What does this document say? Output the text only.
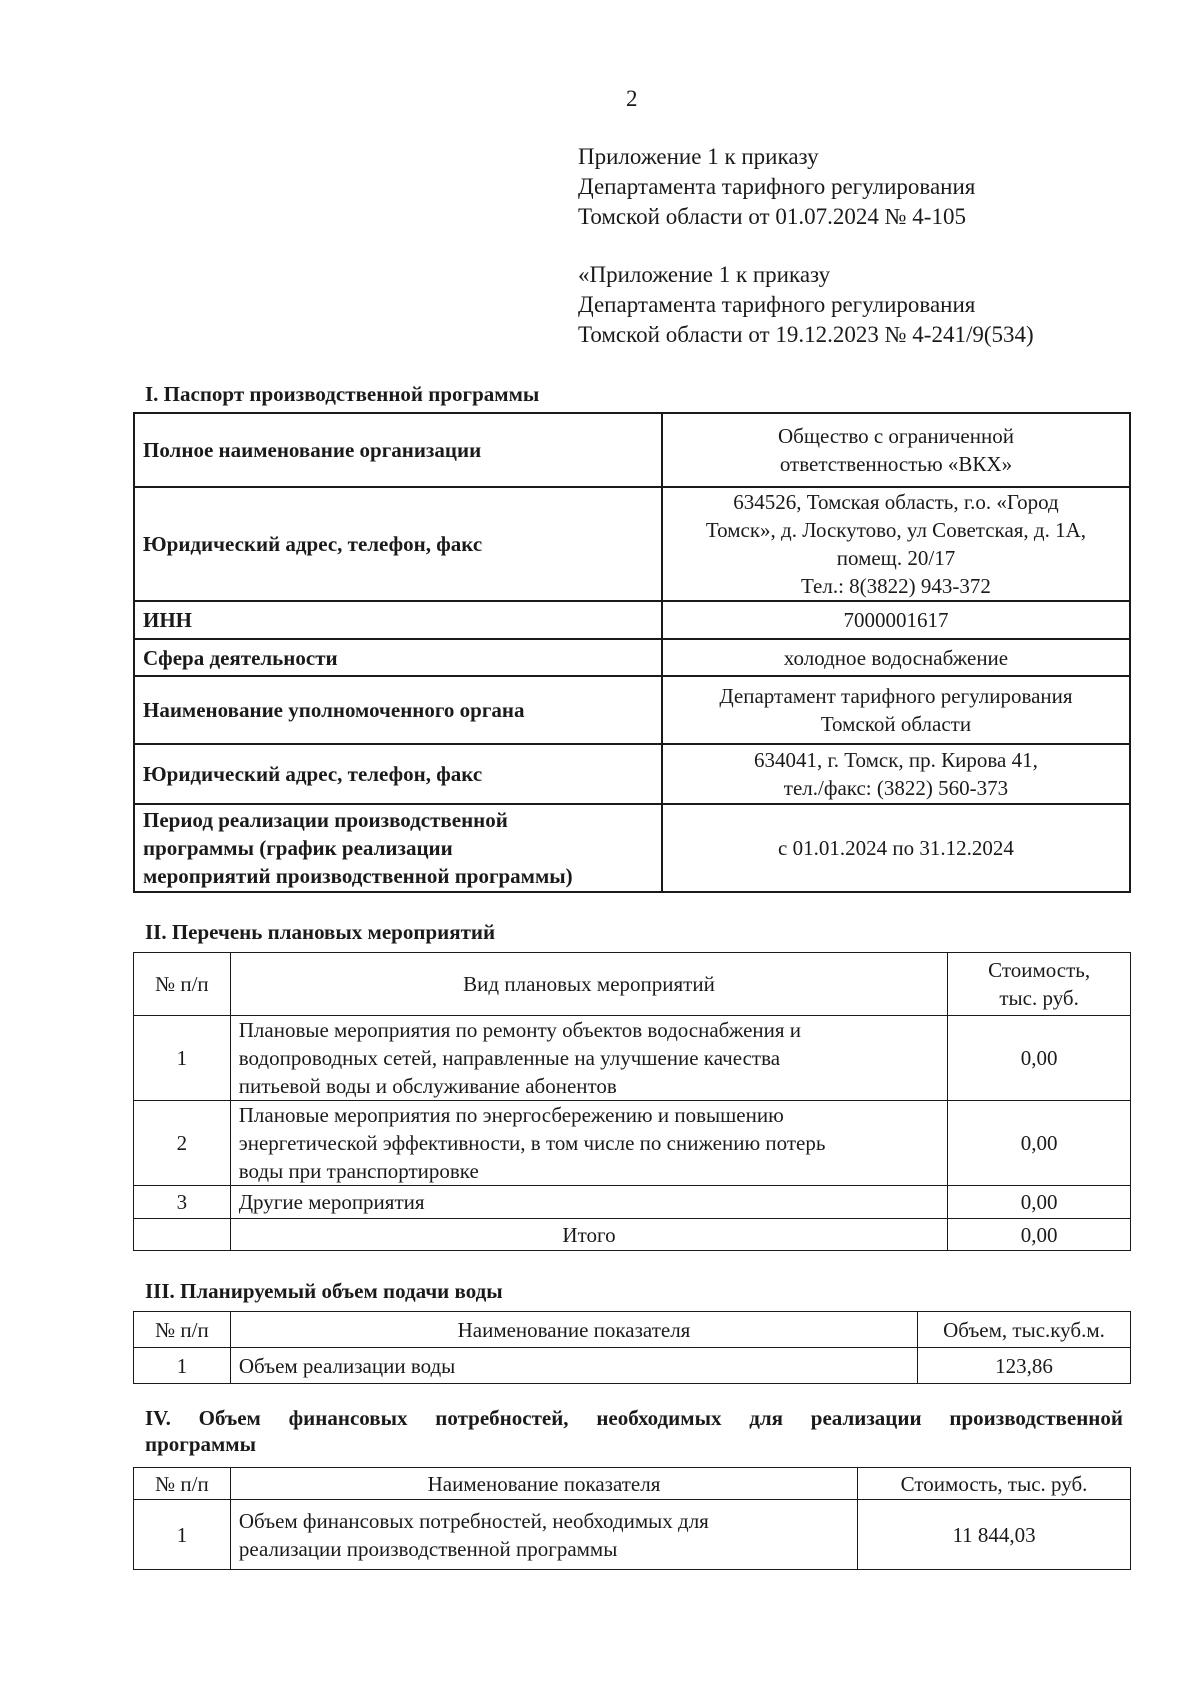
2
Приложение 1 к приказу
Департамента тарифного регулирования
Томской области от 01.07.2024 № 4-105
«Приложение 1 к приказу
Департамента тарифного регулирования
Томской области от 19.12.2023 № 4-241/9(534)
I. Паспорт производственной программы
Полное наименование организации	Общество с ограниченной
ответственностью «ВКХ»

Юридический адрес, телефон, факс	634526, Томская область, г.о. «Город
Томск», д. Лоскутово, ул Советская, д. 1А,
помещ. 20/17
Тел.: 8(3822) 943-372

ИНН	7000001617
Сфера деятельности	холодное водоснабжение
Наименование уполномоченного органа	Департамент тарифного регулирования
Томской области

Юридический адрес, телефон, факс	634041, г. Томск, пр. Кирова 41,
тел./факс: (3822) 560-373

Период реализации производственной
программы (график реализации
мероприятий производственной программы)	с 01.01.2024 по 31.12.2024
II. Перечень плановых мероприятий
№ п/п	Вид плановых мероприятий	Стоимость,
тыс. руб.

1	Плановые мероприятия по ремонту объектов водоснабжения и
водопроводных сетей, направленные на улучшение качества
питьевой воды и обслуживание абонентов	0,00
2	Плановые мероприятия по энергосбережению и повышению
энергетической эффективности, в том числе по снижению потерь
воды при транспортировке	0,00
3	Другие мероприятия	0,00
	Итого	0,00
III. Планируемый объем подачи воды
№ п/п	Наименование показателя	Объем, тыс.куб.м.
1	Объем реализации воды	123,86
IV. Объем финансовых потребностей, необходимых для реализации производственной
программы
№ п/п	Наименование показателя	Стоимость, тыс. руб.
1	Объем финансовых потребностей, необходимых для
реализации производственной программы	11 844,03
